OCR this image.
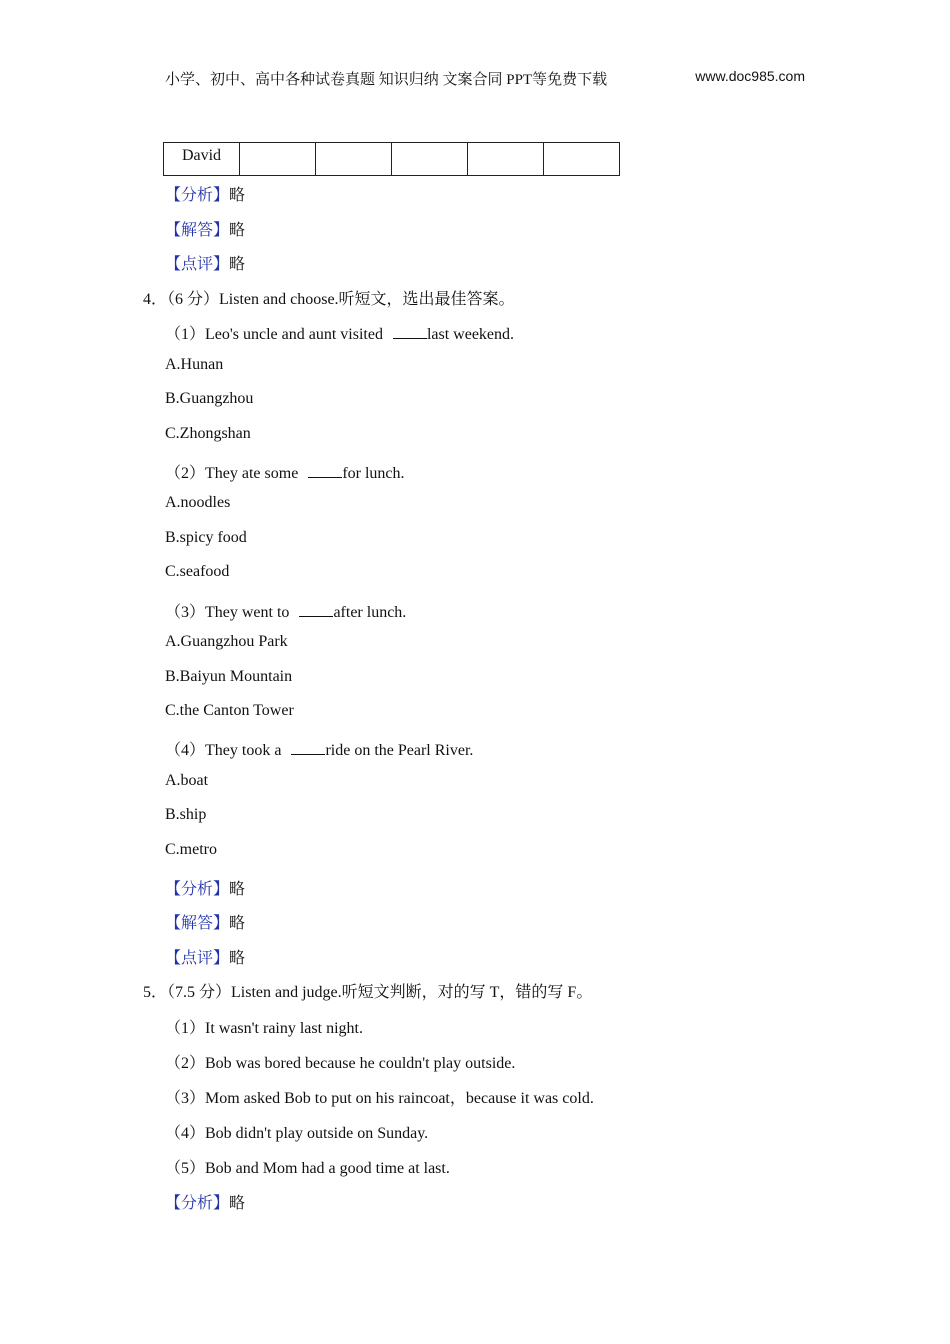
小学、初中、高中各种试卷真题 知识归纳 文案合同 PPT等免费下载	www.doc985.com
David					
【分析】略
【解答】略
【点评】略
4．（6 分）Listen and choose.听短文，选出最佳答案。
（1）Leo's uncle and aunt visited	last weekend.
A.Hunan
B.Guangzhou
C.Zhongshan
（2）They ate some	for lunch.
A.noodles
B.spicy food
C.seafood
（3）They went to	after lunch.
A.Guangzhou Park
B.Baiyun Mountain
C.the Canton Tower
（4）They took a	ride on the Pearl River.
A.boat
B.ship
C.metro
【分析】略
【解答】略
【点评】略
5．（7.5 分）Listen and judge.听短文判断，对的写 T，错的写 F。
（1）It wasn't rainy last night.
（2）Bob was bored because he couldn't play outside.
（3）Mom asked Bob to put on his raincoat，because it was cold.
（4）Bob didn't play outside on Sunday.
（5）Bob and Mom had a good time at last.
【分析】略
